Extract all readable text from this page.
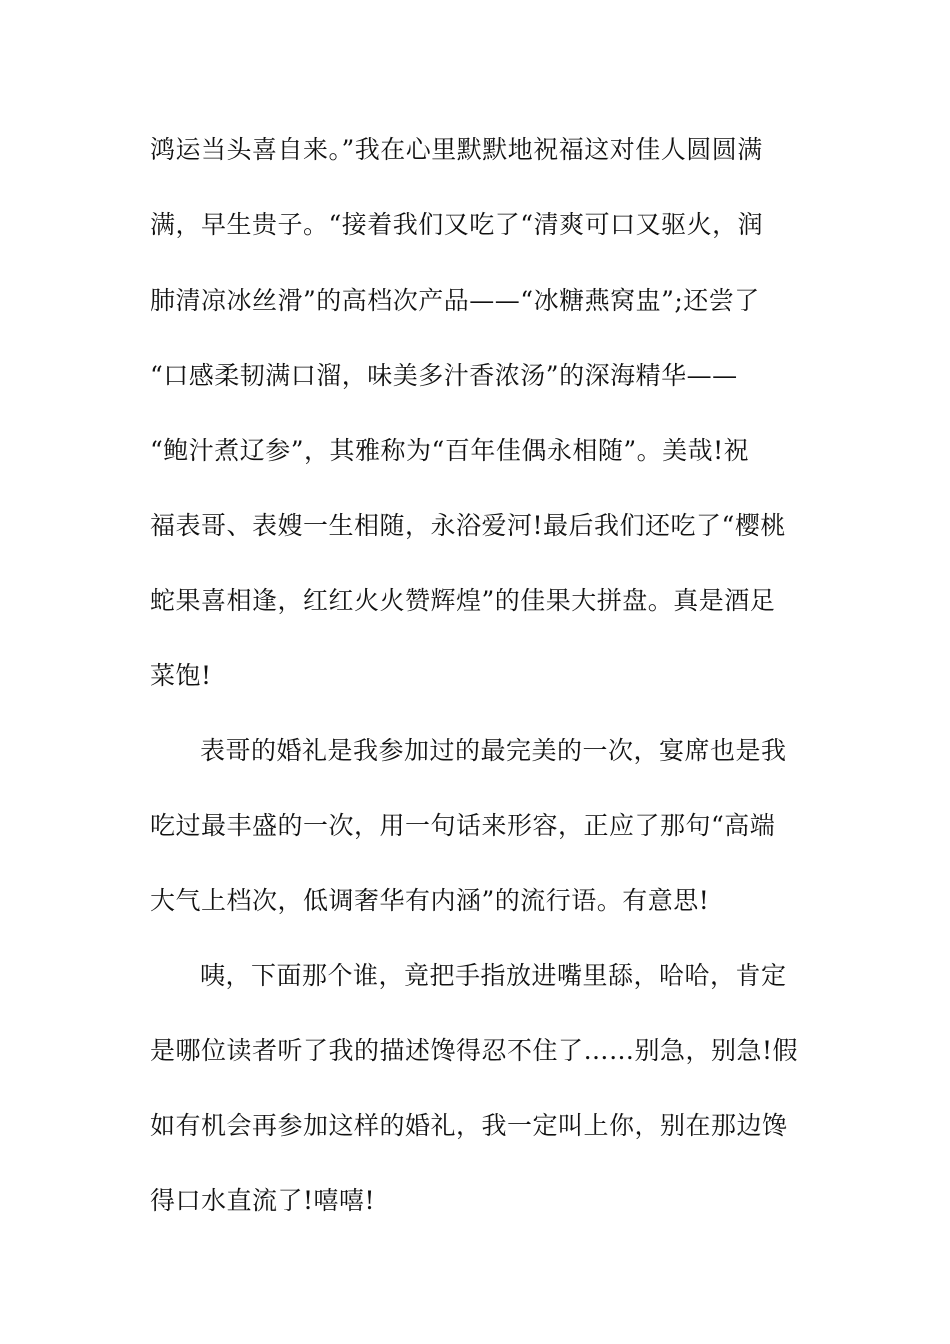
鸿运当头喜自来。”我在心里默默地祝福这对佳人圆圆满
满，早生贵子。“接着我们又吃了“清爽可口又驱火，润
肺清凉冰丝滑”的高档次产品——“冰糖燕窝盅”;还尝了
“口感柔韧满口溜，味美多汁香浓汤”的深海精华——
“鲍汁煮辽参”，其雅称为“百年佳偶永相随”。美哉!祝
福表哥、表嫂一生相随，永浴爱河!最后我们还吃了“樱桃
蛇果喜相逢，红红火火赞辉煌”的佳果大拼盘。真是酒足
菜饱!
表哥的婚礼是我参加过的最完美的一次，宴席也是我
吃过最丰盛的一次，用一句话来形容，正应了那句“高端
大气上档次，低调奢华有内涵”的流行语。有意思!
咦，下面那个谁，竟把手指放进嘴里舔，哈哈，肯定
是哪位读者听了我的描述馋得忍不住了……别急，别急!假
如有机会再参加这样的婚礼，我一定叫上你，别在那边馋
得口水直流了!嘻嘻!
